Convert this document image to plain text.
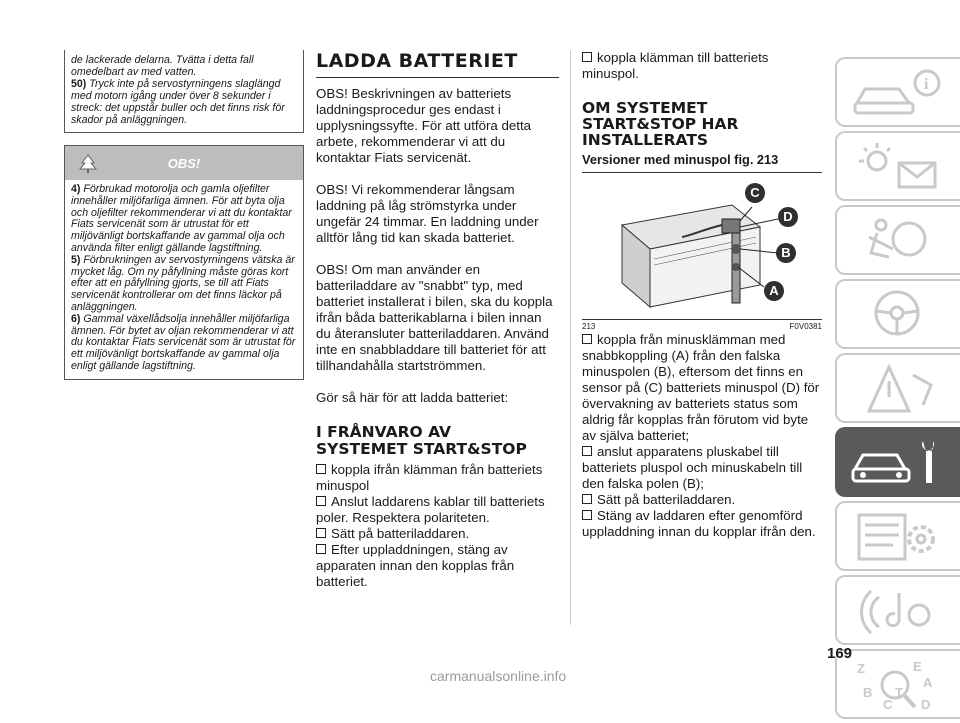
de lackerade delarna. Tvätta i detta fall omedelbart av med vatten.

50) Tryck inte på servostyrningens slaglängd med motorn igång under över 8 sekunder i streck: det uppstår buller och det finns risk för skador på anläggningen.

OBS!

4) Förbrukad motorolja och gamla oljefilter innehåller miljöfarliga ämnen. För att byta olja och oljefilter rekommenderar vi att du kontaktar Fiats servicenät som är utrustat för ett miljövänligt bortskaffande av gammal olja och använda filter enligt gällande lagstiftning.

5) Förbrukningen av servostyrningens vätska är mycket låg. Om ny påfyllning måste göras kort efter att en påfyllning gjorts, se till att Fiats servicenät kontrollerar om det finns läckor på anläggningen.

6) Gammal växellådsolja innehåller miljöfarliga ämnen. För bytet av oljan rekommenderar vi att du kontaktar Fiats servicenät som är utrustat för ett miljövänligt bortskaffande av gammal olja enligt gällande lagstiftning.

LADDA BATTERIET

OBS! Beskrivningen av batteriets laddningsprocedur ges endast i upplysningssyfte. För att utföra detta arbete, rekommenderar vi att du kontaktar Fiats servicenät.

OBS! Vi rekommenderar långsam laddning på låg strömstyrka under ungefär 24 timmar. En laddning under alltför lång tid kan skada batteriet.

OBS! Om man använder en batteriladdare av "snabbt" typ, med batteriet installerat i bilen, ska du koppla ifrån båda batterikablarna i bilen innan du återansluter batteriladdaren. Använd inte en snabbladdare till batteriet för att tillhandahålla startströmmen.

Gör så här för att ladda batteriet:

I FRÅNVARO AV
SYSTEMET START&STOP

koppla ifrån klämman från batteriets minuspol

Anslut laddarens kablar till batteriets poler. Respektera polariteten.

Sätt på batteriladdaren.

Efter uppladdningen, stäng av apparaten innan den kopplas från batteriet.

koppla klämman till batteriets minuspol.

OM SYSTEMET
START&STOP HAR
INSTALLERATS

Versioner med minuspol fig. 213

C
D
B
A
213	F0V0381

koppla från minusklämman med snabbkoppling (A) från den falska minuspolen (B), eftersom det finns en sensor på (C) batteriets minuspol (D) för övervakning av batteriets status som aldrig får kopplas från förutom vid byte av själva batteriet;

anslut apparatens pluskabel till batteriets pluspol och minuskabeln till den falska polen (B);

Sätt på batteriladdaren.

Stäng av laddaren efter genomförd uppladdning innan du kopplar ifrån den.

i
Z	E
A
B
C
T
D
169
carmanualsonline.info
